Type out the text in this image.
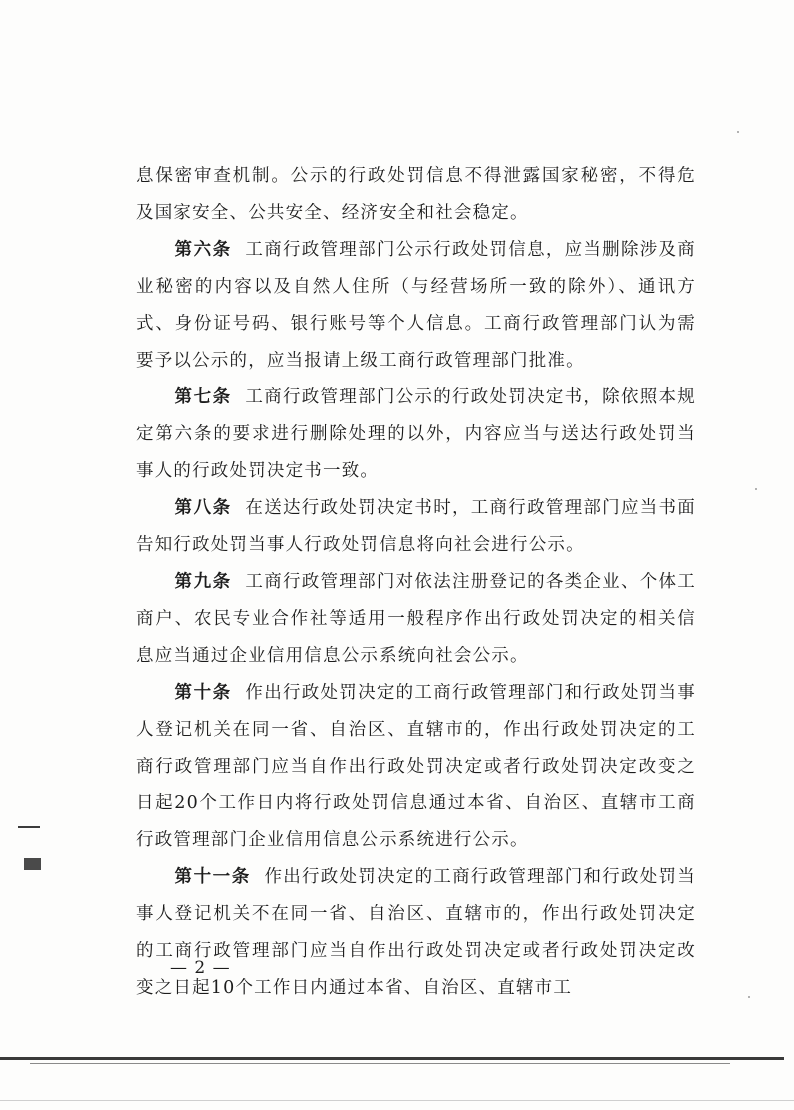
息保密审查机制。公示的行政处罚信息不得泄露国家秘密，不得危及国家安全、公共安全、经济安全和社会稳定。

第六条 工商行政管理部门公示行政处罚信息，应当删除涉及商业秘密的内容以及自然人住所（与经营场所一致的除外）、通讯方式、身份证号码、银行账号等个人信息。工商行政管理部门认为需要予以公示的，应当报请上级工商行政管理部门批准。

第七条 工商行政管理部门公示的行政处罚决定书，除依照本规定第六条的要求进行删除处理的以外，内容应当与送达行政处罚当事人的行政处罚决定书一致。

第八条 在送达行政处罚决定书时，工商行政管理部门应当书面告知行政处罚当事人行政处罚信息将向社会进行公示。

第九条 工商行政管理部门对依法注册登记的各类企业、个体工商户、农民专业合作社等适用一般程序作出行政处罚决定的相关信息应当通过企业信用信息公示系统向社会公示。

第十条 作出行政处罚决定的工商行政管理部门和行政处罚当事人登记机关在同一省、自治区、直辖市的，作出行政处罚决定的工商行政管理部门应当自作出行政处罚决定或者行政处罚决定改变之日起20个工作日内将行政处罚信息通过本省、自治区、直辖市工商行政管理部门企业信用信息公示系统进行公示。

第十一条 作出行政处罚决定的工商行政管理部门和行政处罚当事人登记机关不在同一省、自治区、直辖市的，作出行政处罚决定的工商行政管理部门应当自作出行政处罚决定或者行政处罚决定改变之日起10个工作日内通过本省、自治区、直辖市工

— 2 —
